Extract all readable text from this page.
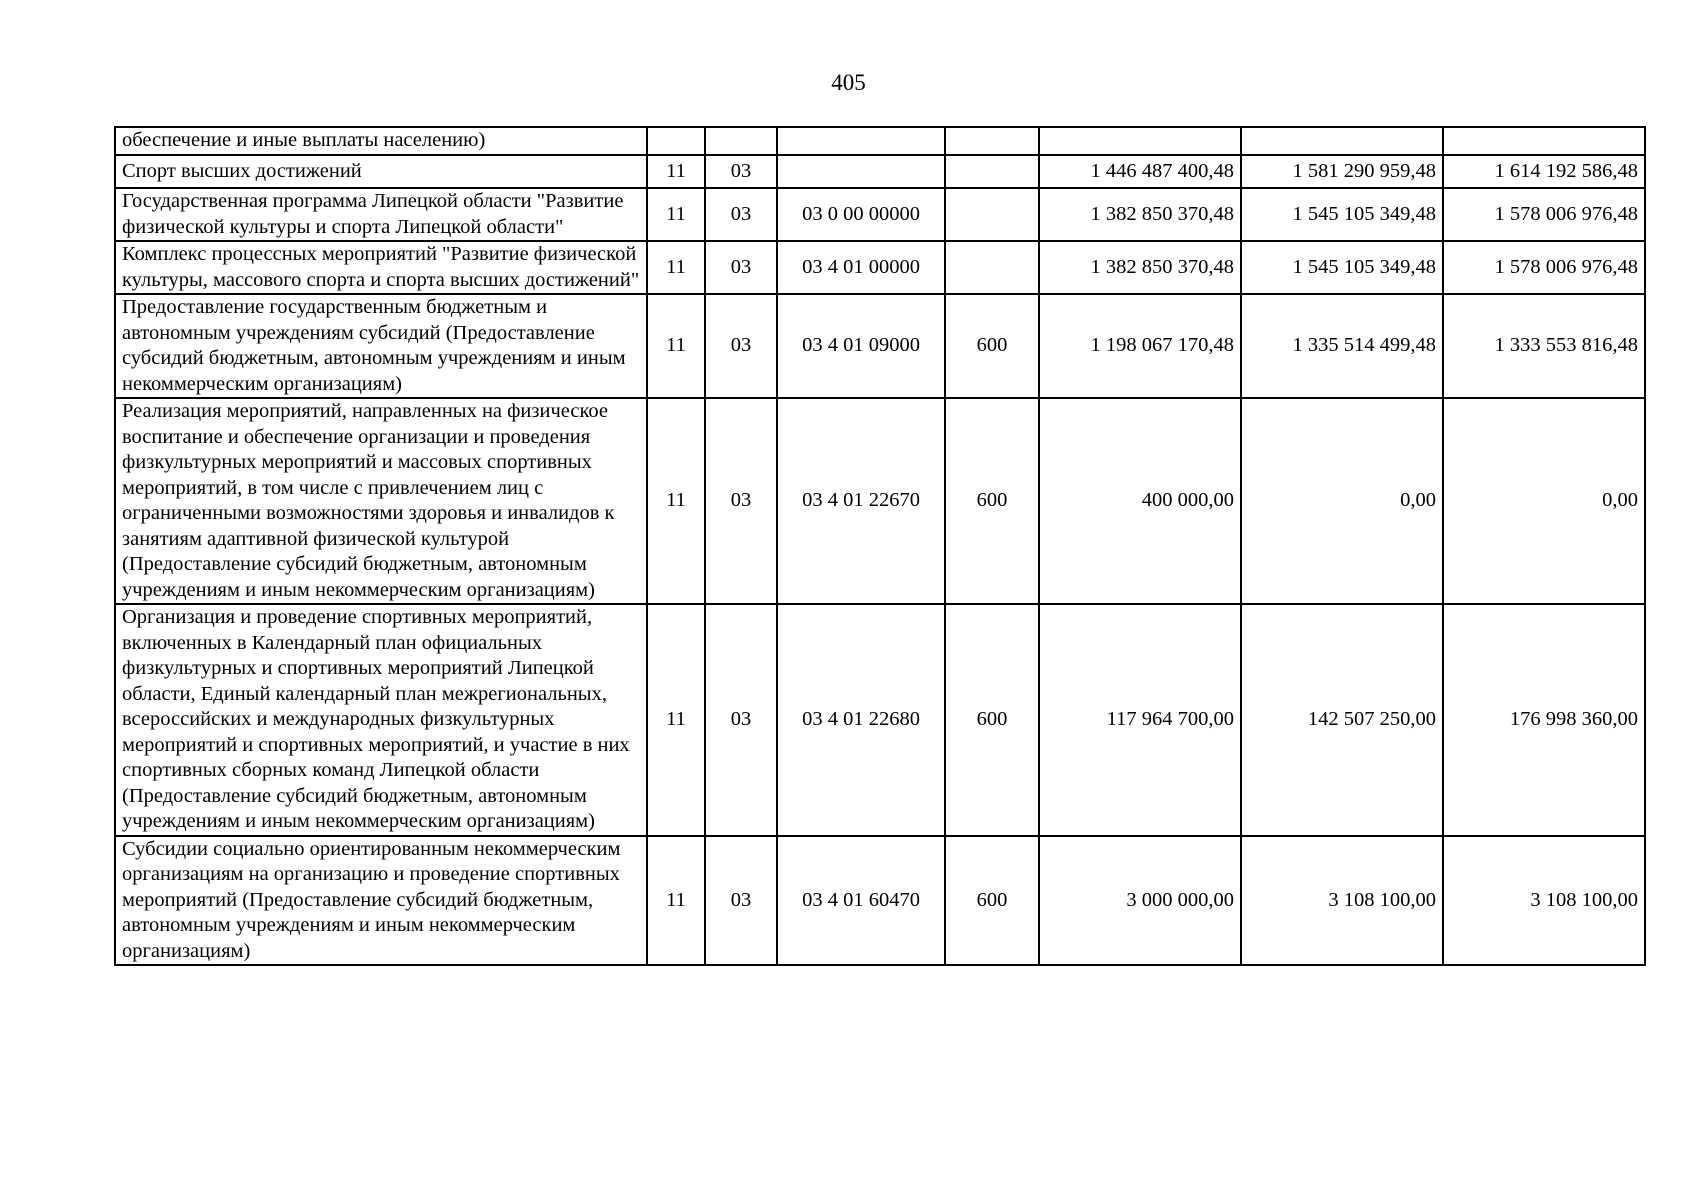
405
обеспечение и иные выплаты населению)							
Спорт высших достижений	11	03			1 446 487 400,48	1 581 290 959,48	1 614 192 586,48
Государственная программа Липецкой области "Развитие физической культуры и спорта Липецкой области"	11	03	03 0 00 00000		1 382 850 370,48	1 545 105 349,48	1 578 006 976,48
Комплекс процессных мероприятий "Развитие физической культуры, массового спорта и спорта высших достижений"	11	03	03 4 01 00000		1 382 850 370,48	1 545 105 349,48	1 578 006 976,48
Предоставление государственным бюджетным и автономным учреждениям субсидий (Предоставление субсидий бюджетным, автономным учреждениям и иным некоммерческим организациям)	11	03	03 4 01 09000	600	1 198 067 170,48	1 335 514 499,48	1 333 553 816,48
Реализация мероприятий, направленных на физическое воспитание и обеспечение организации и проведения физкультурных мероприятий и массовых спортивных мероприятий, в том числе с привлечением лиц с ограниченными возможностями здоровья и инвалидов к занятиям адаптивной физической культурой (Предоставление субсидий бюджетным, автономным учреждениям и иным некоммерческим организациям)	11	03	03 4 01 22670	600	400 000,00	0,00	0,00
Организация и проведение спортивных мероприятий, включенных в Календарный план официальных физкультурных и спортивных мероприятий Липецкой области, Единый календарный план межрегиональных, всероссийских и международных физкультурных мероприятий и спортивных мероприятий, и участие в них спортивных сборных команд Липецкой области (Предоставление субсидий бюджетным, автономным учреждениям и иным некоммерческим организациям)	11	03	03 4 01 22680	600	117 964 700,00	142 507 250,00	176 998 360,00
Субсидии социально ориентированным некоммерческим организациям на организацию и проведение спортивных мероприятий (Предоставление субсидий бюджетным, автономным учреждениям и иным некоммерческим организациям)	11	03	03 4 01 60470	600	3 000 000,00	3 108 100,00	3 108 100,00
